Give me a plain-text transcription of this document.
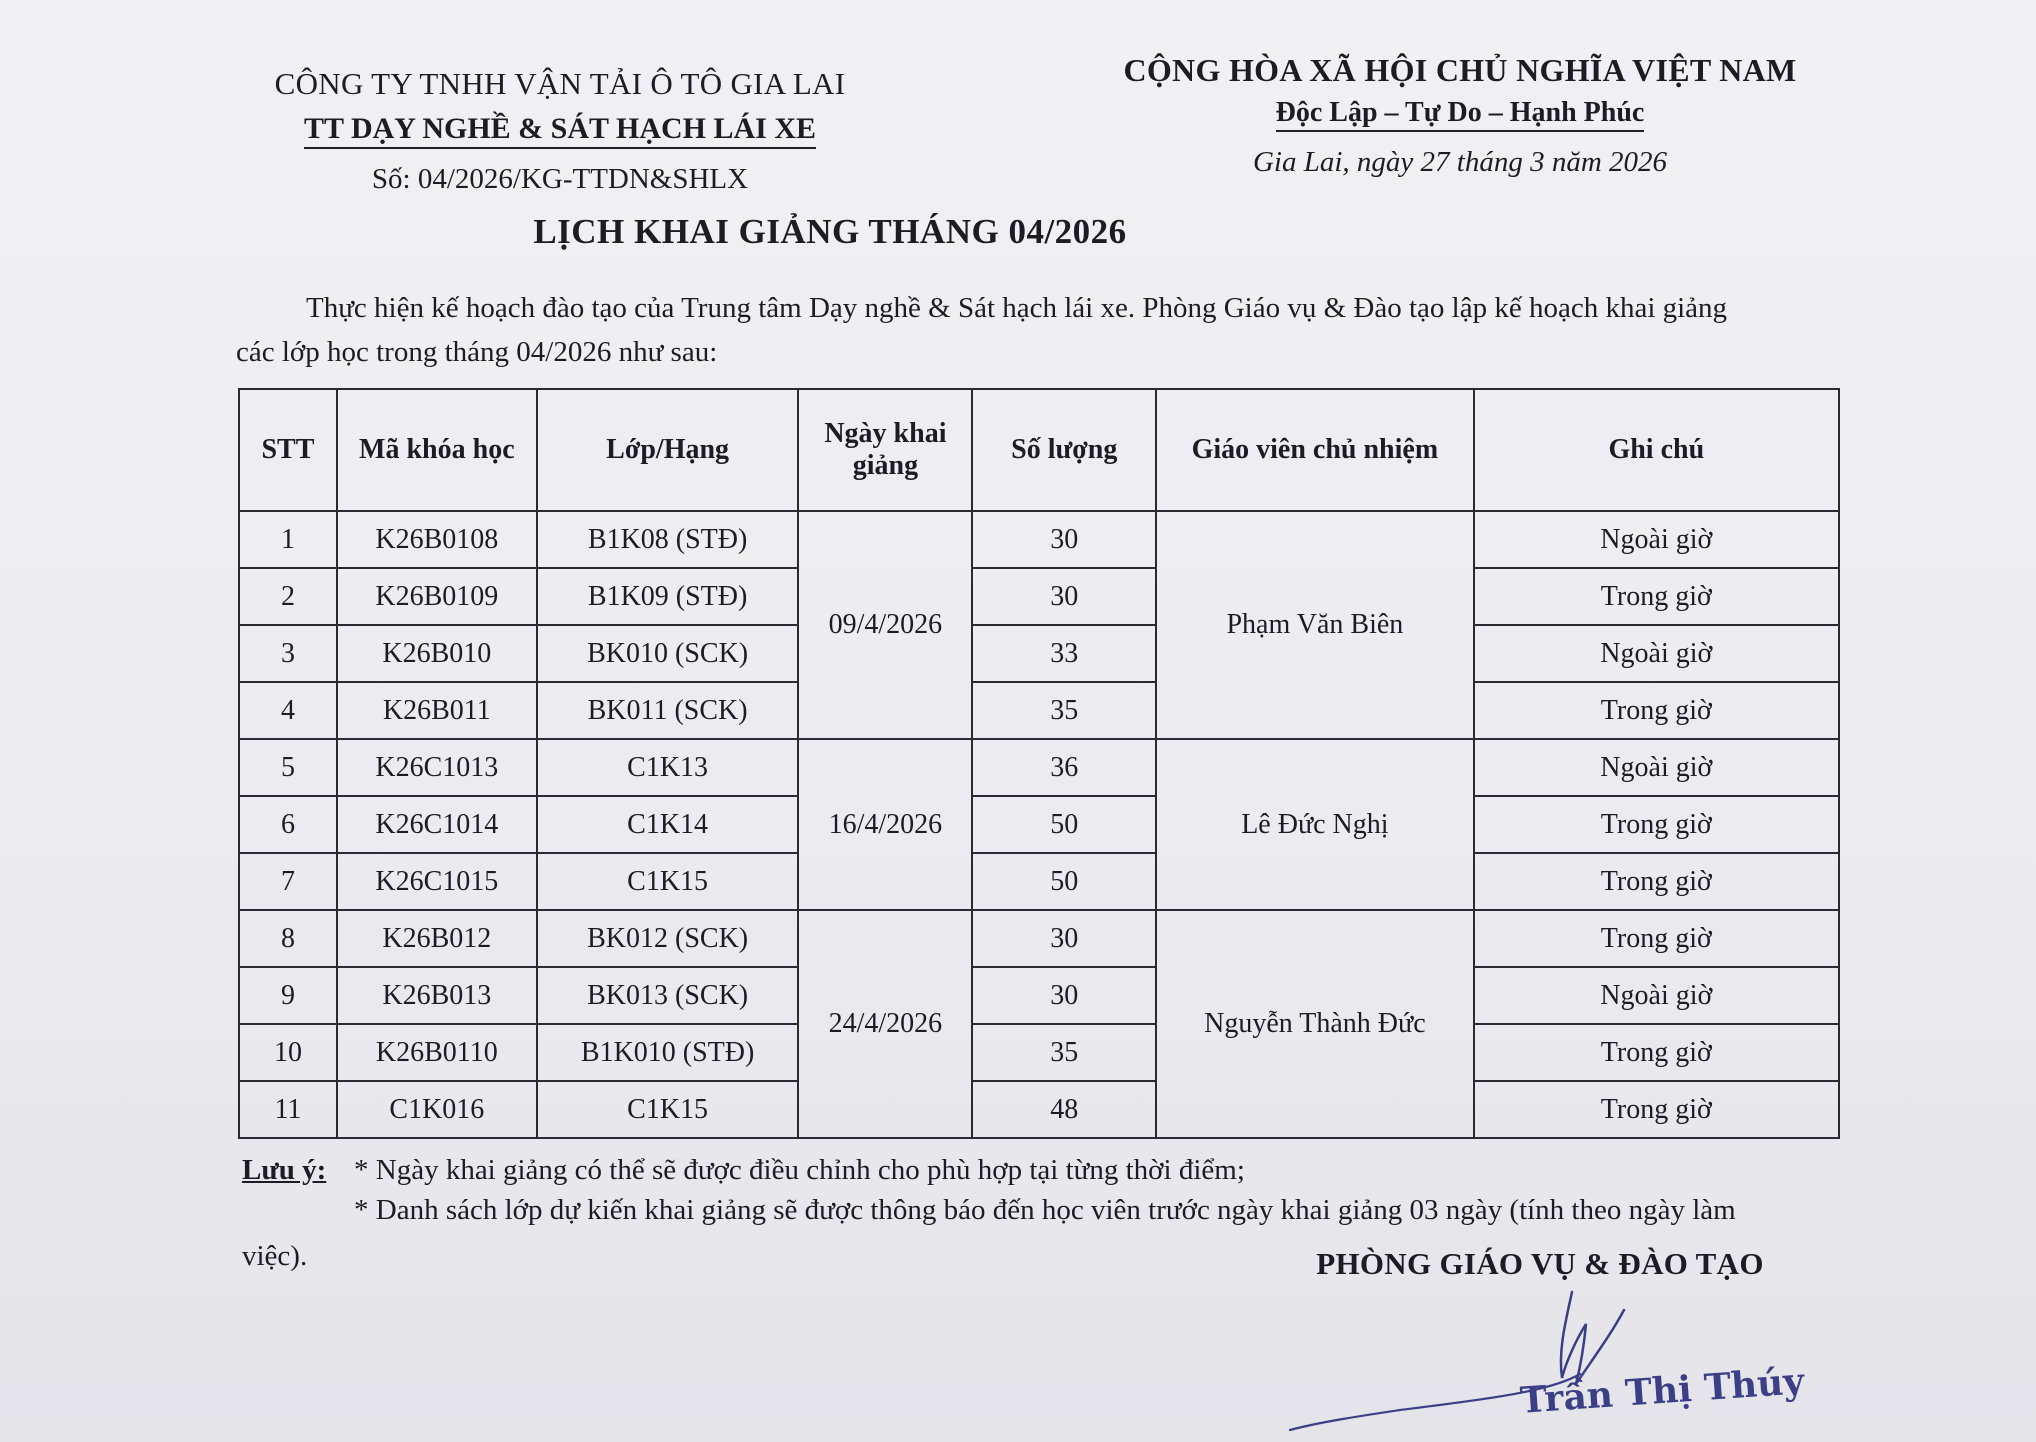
CÔNG TY TNHH VẬN TẢI Ô TÔ GIA LAI
TT DẠY NGHỀ & SÁT HẠCH LÁI XE
Số: 04/2026/KG-TTDN&SHLX
CỘNG HÒA XÃ HỘI CHỦ NGHĨA VIỆT NAM
Độc Lập – Tự Do – Hạnh Phúc
Gia Lai, ngày 27 tháng 3 năm 2026
LỊCH KHAI GIẢNG THÁNG 04/2026
Thực hiện kế hoạch đào tạo của Trung tâm Dạy nghề & Sát hạch lái xe. Phòng Giáo vụ & Đào tạo lập kế hoạch khai giảng
các lớp học trong tháng 04/2026 như sau:
STT	Mã khóa học	Lớp/Hạng	Ngày khai giảng	Số lượng	Giáo viên chủ nhiệm	Ghi chú
1	K26B0108	B1K08 (STĐ)	09/4/2026	30	Phạm Văn Biên	Ngoài giờ
2	K26B0109	B1K09 (STĐ)		30		Trong giờ
3	K26B010	BK010 (SCK)		33		Ngoài giờ
4	K26B011	BK011 (SCK)		35		Trong giờ
5	K26C1013	C1K13	16/4/2026	36	Lê Đức Nghị	Ngoài giờ
6	K26C1014	C1K14		50		Trong giờ
7	K26C1015	C1K15		50		Trong giờ
8	K26B012	BK012 (SCK)	24/4/2026	30	Nguyễn Thành Đức	Trong giờ
9	K26B013	BK013 (SCK)		30		Ngoài giờ
10	K26B0110	B1K010 (STĐ)		35		Trong giờ
11	C1K016	C1K15		48		Trong giờ
Lưu ý: * Ngày khai giảng có thể sẽ được điều chỉnh cho phù hợp tại từng thời điểm;
* Danh sách lớp dự kiến khai giảng sẽ được thông báo đến học viên trước ngày khai giảng 03 ngày (tính theo ngày làm
việc).	PHÒNG GIÁO VỤ & ĐÀO TẠO
Trần Thị Thúy
